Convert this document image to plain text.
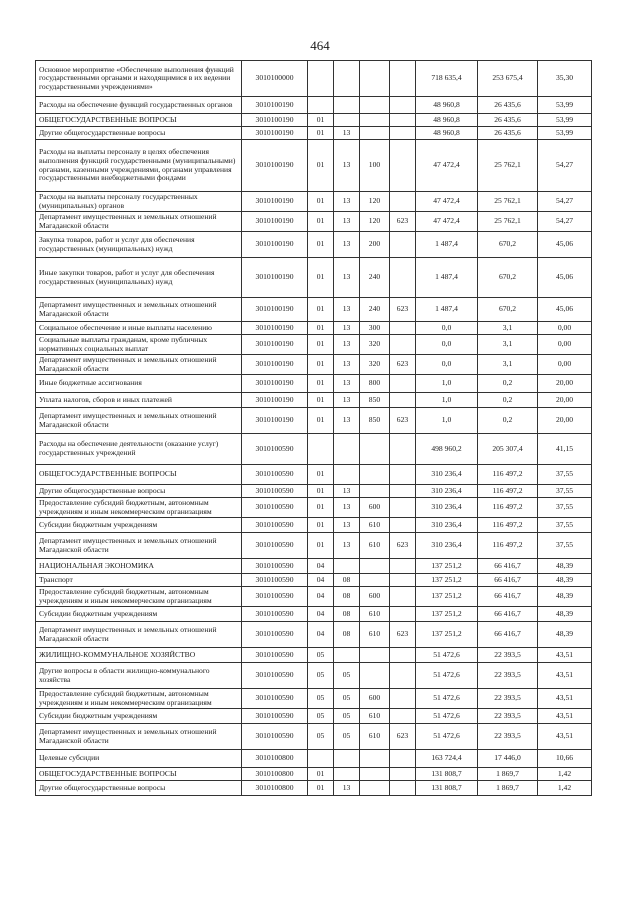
464
Основное мероприятие «Обеспечение выполнения функций государственными органами и находящимися в их ведении государственными учреждениями»	3010100000					718 635,4	253 675,4	35,30
Расходы на обеспечение функций государственных органов	3010100190					48 960,8	26 435,6	53,99
ОБЩЕГОСУДАРСТВЕННЫЕ ВОПРОСЫ	3010100190	01				48 960,8	26 435,6	53,99
Другие общегосударственные вопросы	3010100190	01	13			48 960,8	26 435,6	53,99
Расходы на выплаты персоналу в целях обеспечения выполнения функций государственными (муниципальными) органами, казенными учреждениями, органами управления государственными внебюджетными фондами	3010100190	01	13	100		47 472,4	25 762,1	54,27
Расходы на выплаты персоналу государственных (муниципальных) органов	3010100190	01	13	120		47 472,4	25 762,1	54,27
Департамент имущественных и земельных отношений Магаданской области	3010100190	01	13	120	623	47 472,4	25 762,1	54,27
Закупка товаров, работ и услуг для обеспечения государственных (муниципальных) нужд	3010100190	01	13	200		1 487,4	670,2	45,06
Иные закупки товаров, работ и услуг для обеспечения государственных (муниципальных) нужд	3010100190	01	13	240		1 487,4	670,2	45,06
Департамент имущественных и земельных отношений Магаданской области	3010100190	01	13	240	623	1 487,4	670,2	45,06
Социальное обеспечение и иные выплаты населению	3010100190	01	13	300		0,0	3,1	0,00
Социальные выплаты гражданам, кроме публичных нормативных социальных выплат	3010100190	01	13	320		0,0	3,1	0,00
Департамент имущественных и земельных отношений Магаданской области	3010100190	01	13	320	623	0,0	3,1	0,00
Иные бюджетные ассигнования	3010100190	01	13	800		1,0	0,2	20,00
Уплата налогов, сборов и иных платежей	3010100190	01	13	850		1,0	0,2	20,00
Департамент имущественных и земельных отношений Магаданской области	3010100190	01	13	850	623	1,0	0,2	20,00
Расходы на обеспечение деятельности (оказание услуг) государственных учреждений	3010100590					498 960,2	205 307,4	41,15
ОБЩЕГОСУДАРСТВЕННЫЕ ВОПРОСЫ	3010100590	01				310 236,4	116 497,2	37,55
Другие общегосударственные вопросы	3010100590	01	13			310 236,4	116 497,2	37,55
Предоставление субсидий бюджетным, автономным учреждениям и иным некоммерческим организациям	3010100590	01	13	600		310 236,4	116 497,2	37,55
Субсидии бюджетным учреждениям	3010100590	01	13	610		310 236,4	116 497,2	37,55
Департамент имущественных и земельных отношений Магаданской области	3010100590	01	13	610	623	310 236,4	116 497,2	37,55
НАЦИОНАЛЬНАЯ ЭКОНОМИКА	3010100590	04				137 251,2	66 416,7	48,39
Транспорт	3010100590	04	08			137 251,2	66 416,7	48,39
Предоставление субсидий бюджетным, автономным учреждениям и иным некоммерческим организациям	3010100590	04	08	600		137 251,2	66 416,7	48,39
Субсидии бюджетным учреждениям	3010100590	04	08	610		137 251,2	66 416,7	48,39
Департамент имущественных и земельных отношений Магаданской области	3010100590	04	08	610	623	137 251,2	66 416,7	48,39
ЖИЛИЩНО-КОММУНАЛЬНОЕ ХОЗЯЙСТВО	3010100590	05				51 472,6	22 393,5	43,51
Другие вопросы в области жилищно-коммунального хозяйства	3010100590	05	05			51 472,6	22 393,5	43,51
Предоставление субсидий бюджетным, автономным учреждениям и иным некоммерческим организациям	3010100590	05	05	600		51 472,6	22 393,5	43,51
Субсидии бюджетным учреждениям	3010100590	05	05	610		51 472,6	22 393,5	43,51
Департамент имущественных и земельных отношений Магаданской области	3010100590	05	05	610	623	51 472,6	22 393,5	43,51
Целевые субсидии	3010100800					163 724,4	17 446,0	10,66
ОБЩЕГОСУДАРСТВЕННЫЕ ВОПРОСЫ	3010100800	01				131 808,7	1 869,7	1,42
Другие общегосударственные вопросы	3010100800	01	13			131 808,7	1 869,7	1,42
